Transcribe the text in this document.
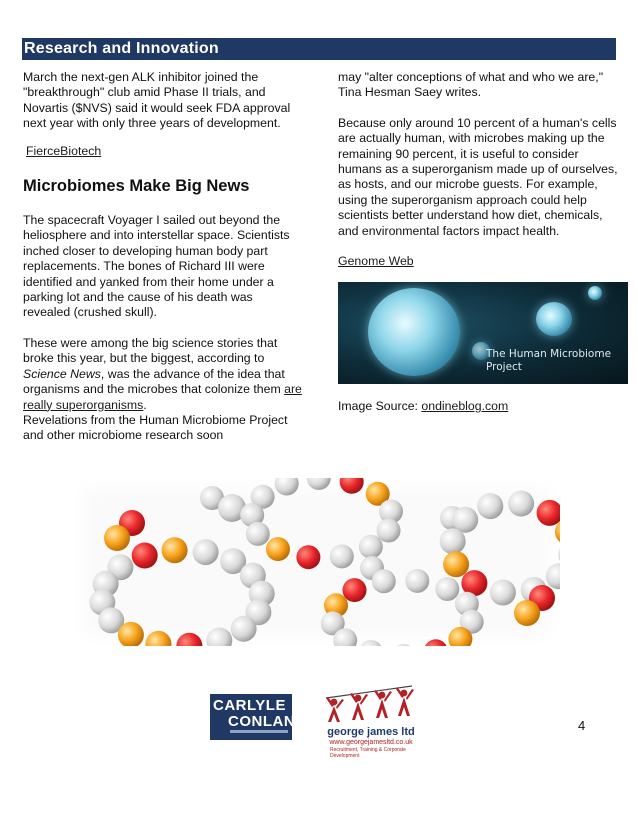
Research and Innovation

March the next-gen ALK inhibitor joined the "breakthrough" club amid Phase II trials, and Novartis ($NVS) said it would seek FDA approval next year with only three years of development.

FierceBiotech

Microbiomes Make Big News

The spacecraft Voyager I sailed out beyond the heliosphere and into interstellar space. Scientists inched closer to developing human body part replacements. The bones of Richard III were identified and yanked from their home under a parking lot and the cause of his death was revealed (crushed skull).

These were among the big science stories that broke this year, but the biggest, according to Science News, was the advance of the idea that organisms and the microbes that colonize them are really superorganisms.

Revelations from the Human Microbiome Project and other microbiome research soon

may "alter conceptions of what and who we are," Tina Hesman Saey writes.

Because only around 10 percent of a human's cells are actually human, with microbes making up the remaining 90 percent, it is useful to consider humans as a superorganism made up of ourselves, as hosts, and our microbe guests. For example, using the superorganism approach could help scientists better understand how diet, chemicals, and environmental factors impact health.

Genome Web

The Human Microbiome Project
Image Source: ondineblog.com
CARLYLE
CONLAN
george james ltd
www.georgejamesltd.co.uk
Recruitment, Training & Corporate Development
4
